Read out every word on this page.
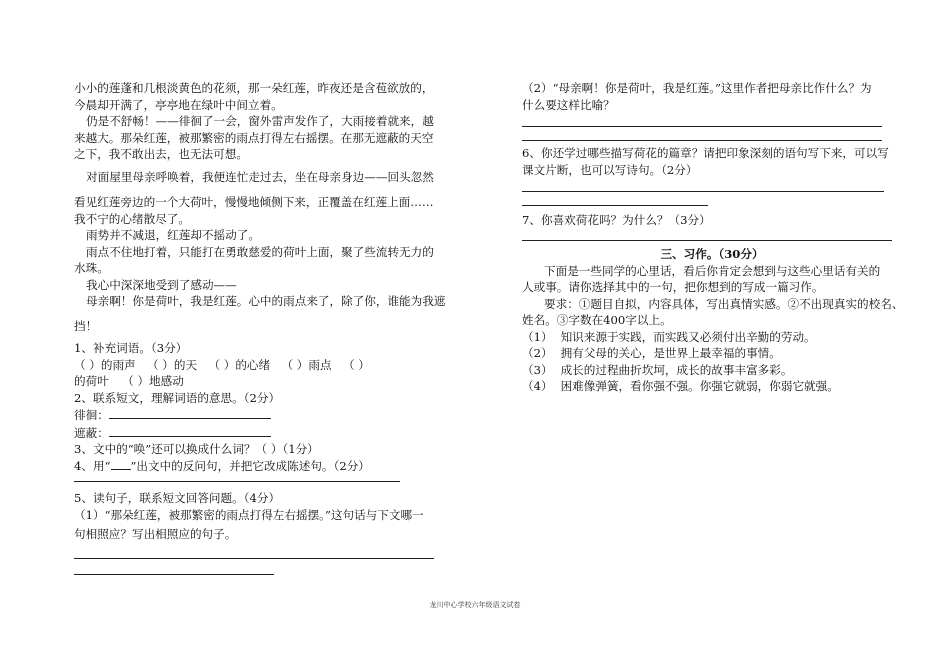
小小的莲蓬和几根淡黄色的花须，那一朵红莲，昨夜还是含苞欲放的，
今晨却开满了，亭亭地在绿叶中间立着。
仍是不舒畅！——徘徊了一会，窗外雷声发作了，大雨接着就来，越
来越大。那朵红莲，被那繁密的雨点打得左右摇摆。在那无遮蔽的天空
之下，我不敢出去，也无法可想。
对面屋里母亲呼唤着，我便连忙走过去，坐在母亲身边——回头忽然
看见红莲旁边的一个大荷叶，慢慢地倾侧下来，正覆盖在红莲上面……
我不宁的心绪散尽了。
雨势并不减退，红莲却不摇动了。
雨点不住地打着，只能打在勇敢慈爱的荷叶上面，聚了些流转无力的
水珠。
我心中深深地受到了感动——
母亲啊！你是荷叶，我是红莲。心中的雨点来了，除了你，谁能为我遮
挡！
1、补充词语。（3分）
（ ）的雨声 （ ）的天 （ ）的心绪 （ ）雨点 （ ）
的荷叶 （ ）地感动
2、联系短文，理解词语的意思。（2分）
徘徊：
遮蔽：
3、文中的“唤”还可以换成什么词？（ ）（1分）
4、用“ ”出文中的反问句，并把它改成陈述句。（2分）
5、读句子，联系短文回答问题。（4分）
（1）“那朵红莲，被那繁密的雨点打得左右摇摆。”这句话与下文哪一
句相照应？写出相照应的句子。
（2）“母亲啊！你是荷叶，我是红莲。”这里作者把母亲比作什么？为
什么要这样比喻？
6、你还学过哪些描写荷花的篇章？请把印象深刻的语句写下来，可以写
课文片断，也可以写诗句。（2分）
7、你喜欢荷花吗？为什么？（3分）
三、习作。（30分）
下面是一些同学的心里话，看后你肯定会想到与这些心里话有关的
人或事。请你选择其中的一句，把你想到的写成一篇习作。
要求：①题目自拟，内容具体，写出真情实感。②不出现真实的校名、
姓名。③字数在400字以上。
（1） 知识来源于实践，而实践又必须付出辛勤的劳动。
（2） 拥有父母的关心，是世界上最幸福的事情。
（3） 成长的过程曲折坎坷，成长的故事丰富多彩。
（4） 困难像弹簧，看你强不强。你强它就弱，你弱它就强。
龙川中心学校六年级语文试卷
